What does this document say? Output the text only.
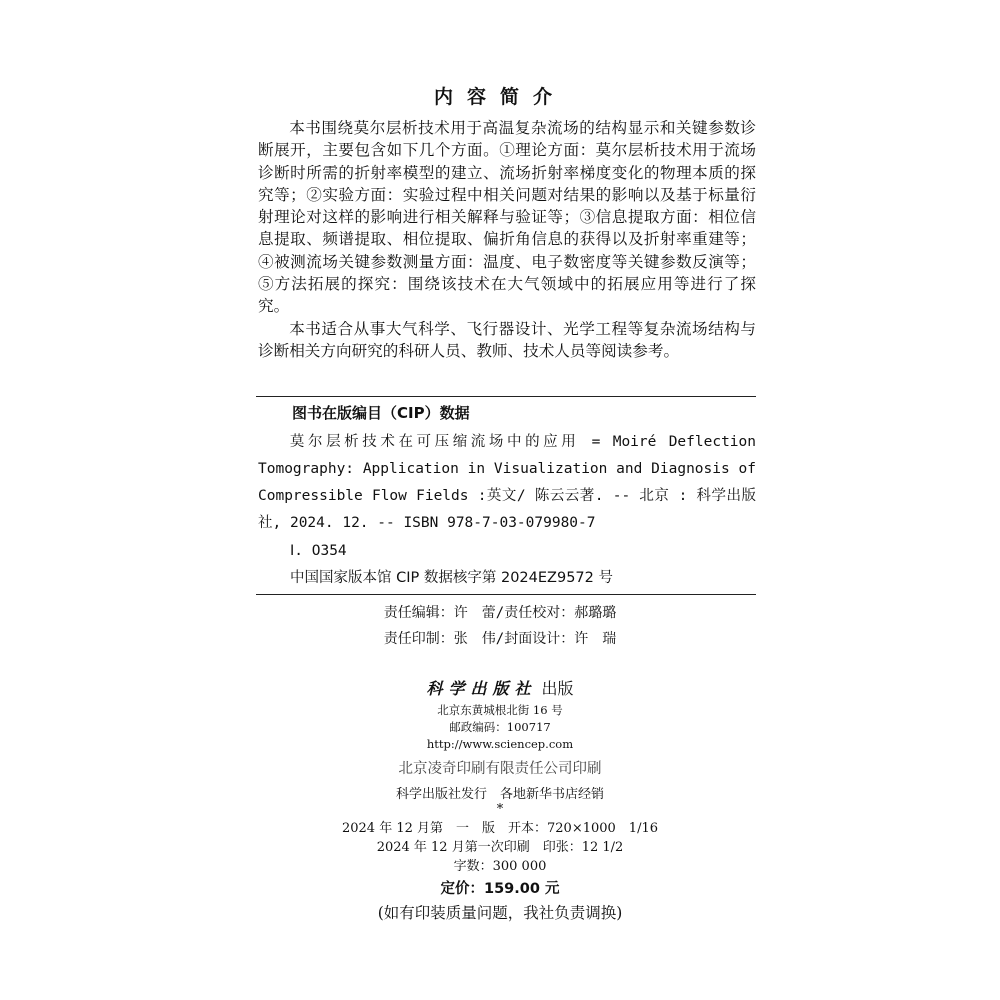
内容简介

本书围绕莫尔层析技术用于高温复杂流场的结构显示和关键参数诊断展开，主要包含如下几个方面。①理论方面：莫尔层析技术用于流场诊断时所需的折射率模型的建立、流场折射率梯度变化的物理本质的探究等；②实验方面：实验过程中相关问题对结果的影响以及基于标量衍射理论对这样的影响进行相关解释与验证等；③信息提取方面：相位信息提取、频谱提取、相位提取、偏折角信息的获得以及折射率重建等；④被测流场关键参数测量方面：温度、电子数密度等关键参数反演等；⑤方法拓展的探究：围绕该技术在大气领域中的拓展应用等进行了探究。

本书适合从事大气科学、飞行器设计、光学工程等复杂流场结构与诊断相关方向研究的科研人员、教师、技术人员等阅读参考。

图书在版编目（CIP）数据
莫尔层析技术在可压缩流场中的应用 = Moiré Deflection Tomography: Application in Visualization and Diagnosis of Compressible Flow Fields :英文/ 陈云云著. -- 北京 : 科学出版社, 2024. 12. -- ISBN 978-7-03-079980-7
Ⅰ. O354
中国国家版本馆 CIP 数据核字第 2024EZ9572 号
责任编辑：许　蕾/责任校对：郝璐璐
责任印制：张　伟/封面设计：许　瑞
科学出版社 出版
北京东黄城根北街 16 号
邮政编码：100717
http://www.sciencep.com
北京凌奇印刷有限责任公司印刷
科学出版社发行　各地新华书店经销
*
2024 年 12 月第　一　版　开本：720×1000　1/16
2024 年 12 月第一次印刷　印张：12 1/2
字数：300 000
定价：159.00 元
(如有印装质量问题，我社负责调换)
